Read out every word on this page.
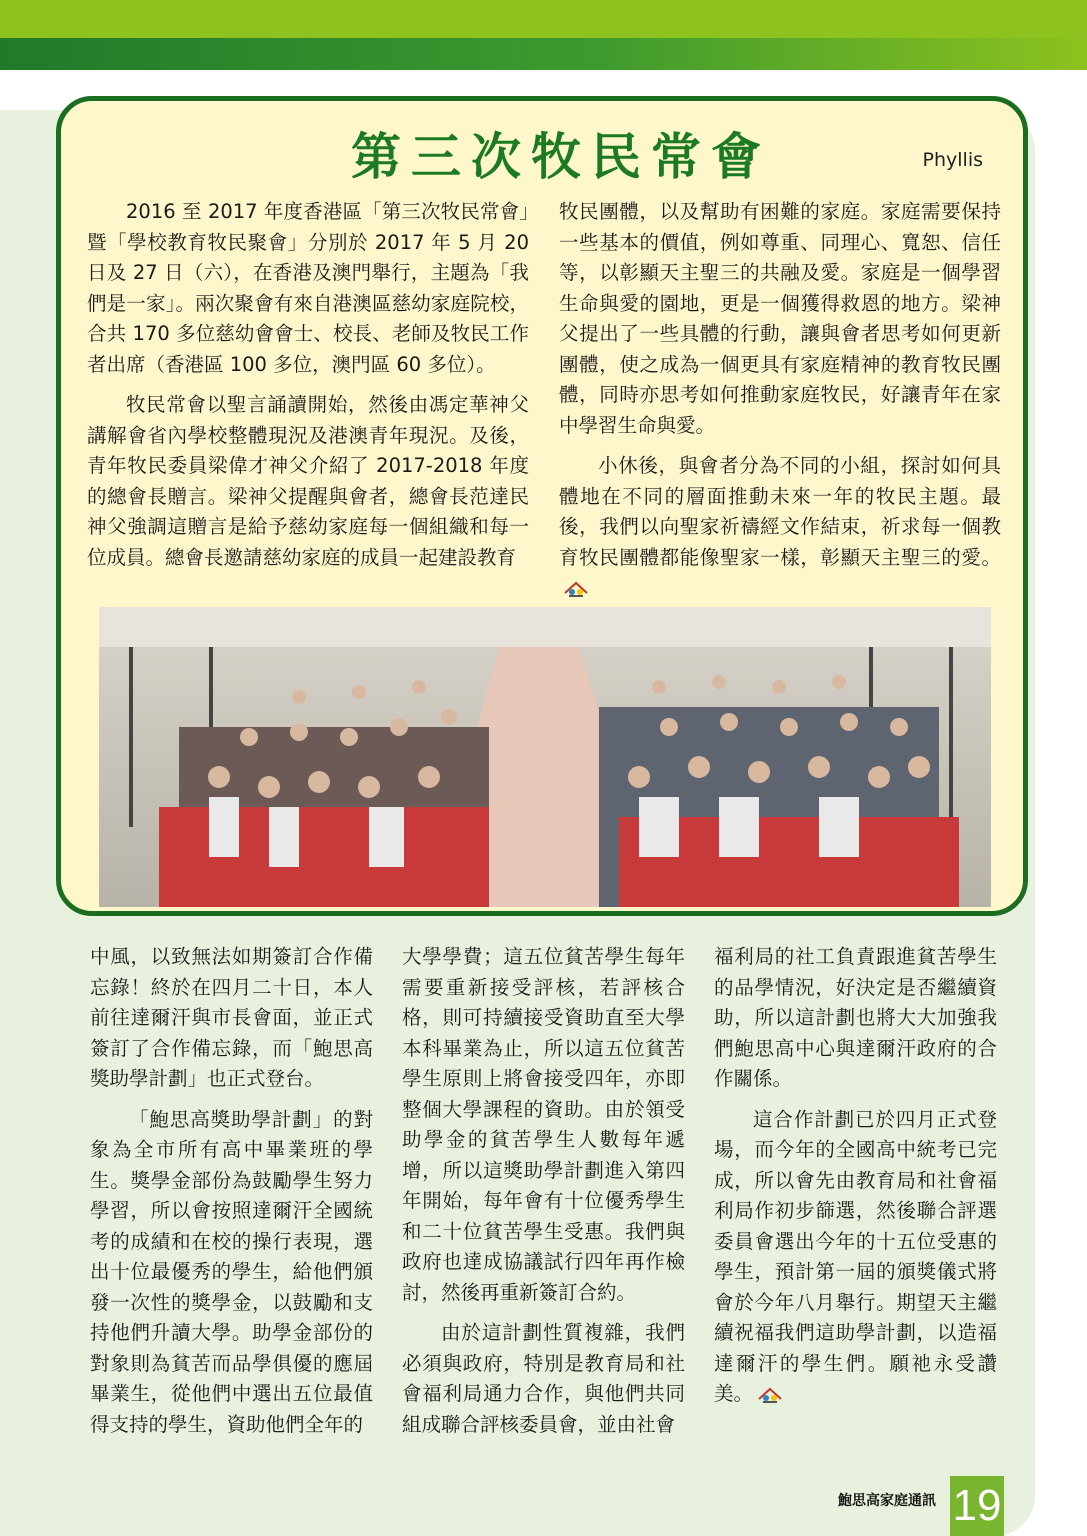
第三次牧民常會	Phyllis

2016 至 2017 年度香港區「第三次牧民常會」暨「學校教育牧民聚會」分別於 2017 年 5 月 20 日及 27 日（六），在香港及澳門舉行，主題為「我們是一家」。兩次聚會有來自港澳區慈幼家庭院校，合共 170 多位慈幼會會士、校長、老師及牧民工作者出席（香港區 100 多位，澳門區 60 多位）。

牧民常會以聖言誦讀開始，然後由馮定華神父講解會省內學校整體現況及港澳青年現況。及後，青年牧民委員梁偉才神父介紹了 2017-2018 年度的總會長贈言。梁神父提醒與會者，總會長范達民神父強調這贈言是給予慈幼家庭每一個組織和每一位成員。總會長邀請慈幼家庭的成員一起建設教育

牧民團體，以及幫助有困難的家庭。家庭需要保持一些基本的價值，例如尊重、同理心、寬恕、信任等，以彰顯天主聖三的共融及愛。家庭是一個學習生命與愛的園地，更是一個獲得救恩的地方。梁神父提出了一些具體的行動，讓與會者思考如何更新團體，使之成為一個更具有家庭精神的教育牧民團體，同時亦思考如何推動家庭牧民，好讓青年在家中學習生命與愛。

小休後，與會者分為不同的小組，探討如何具體地在不同的層面推動未來一年的牧民主題。最後，我們以向聖家祈禱經文作結束，祈求每一個教育牧民團體都能像聖家一樣，彰顯天主聖三的愛。

中風，以致無法如期簽訂合作備忘錄！終於在四月二十日，本人前往達爾汗與市長會面，並正式簽訂了合作備忘錄，而「鮑思高獎助學計劃」也正式登台。

「鮑思高獎助學計劃」的對象為全市所有高中畢業班的學生。獎學金部份為鼓勵學生努力學習，所以會按照達爾汗全國統考的成績和在校的操行表現，選出十位最優秀的學生，給他們頒發一次性的獎學金，以鼓勵和支持他們升讀大學。助學金部份的對象則為貧苦而品學俱優的應屆畢業生，從他們中選出五位最值得支持的學生，資助他們全年的

大學學費；這五位貧苦學生每年需要重新接受評核，若評核合格，則可持續接受資助直至大學本科畢業為止，所以這五位貧苦學生原則上將會接受四年，亦即整個大學課程的資助。由於領受助學金的貧苦學生人數每年遞增，所以這獎助學計劃進入第四年開始，每年會有十位優秀學生和二十位貧苦學生受惠。我們與政府也達成協議試行四年再作檢討，然後再重新簽訂合約。

由於這計劃性質複雜，我們必須與政府，特別是教育局和社會福利局通力合作，與他們共同組成聯合評核委員會，並由社會

福利局的社工負責跟進貧苦學生的品學情況，好決定是否繼續資助，所以這計劃也將大大加強我們鮑思高中心與達爾汗政府的合作關係。

這合作計劃已於四月正式登場，而今年的全國高中統考已完成，所以會先由教育局和社會福利局作初步篩選，然後聯合評選委員會選出今年的十五位受惠的學生，預計第一屆的頒獎儀式將會於今年八月舉行。期望天主繼續祝福我們這助學計劃，以造福達爾汗的學生們。願祂永受讚美。

鮑思高家庭通訊 19
